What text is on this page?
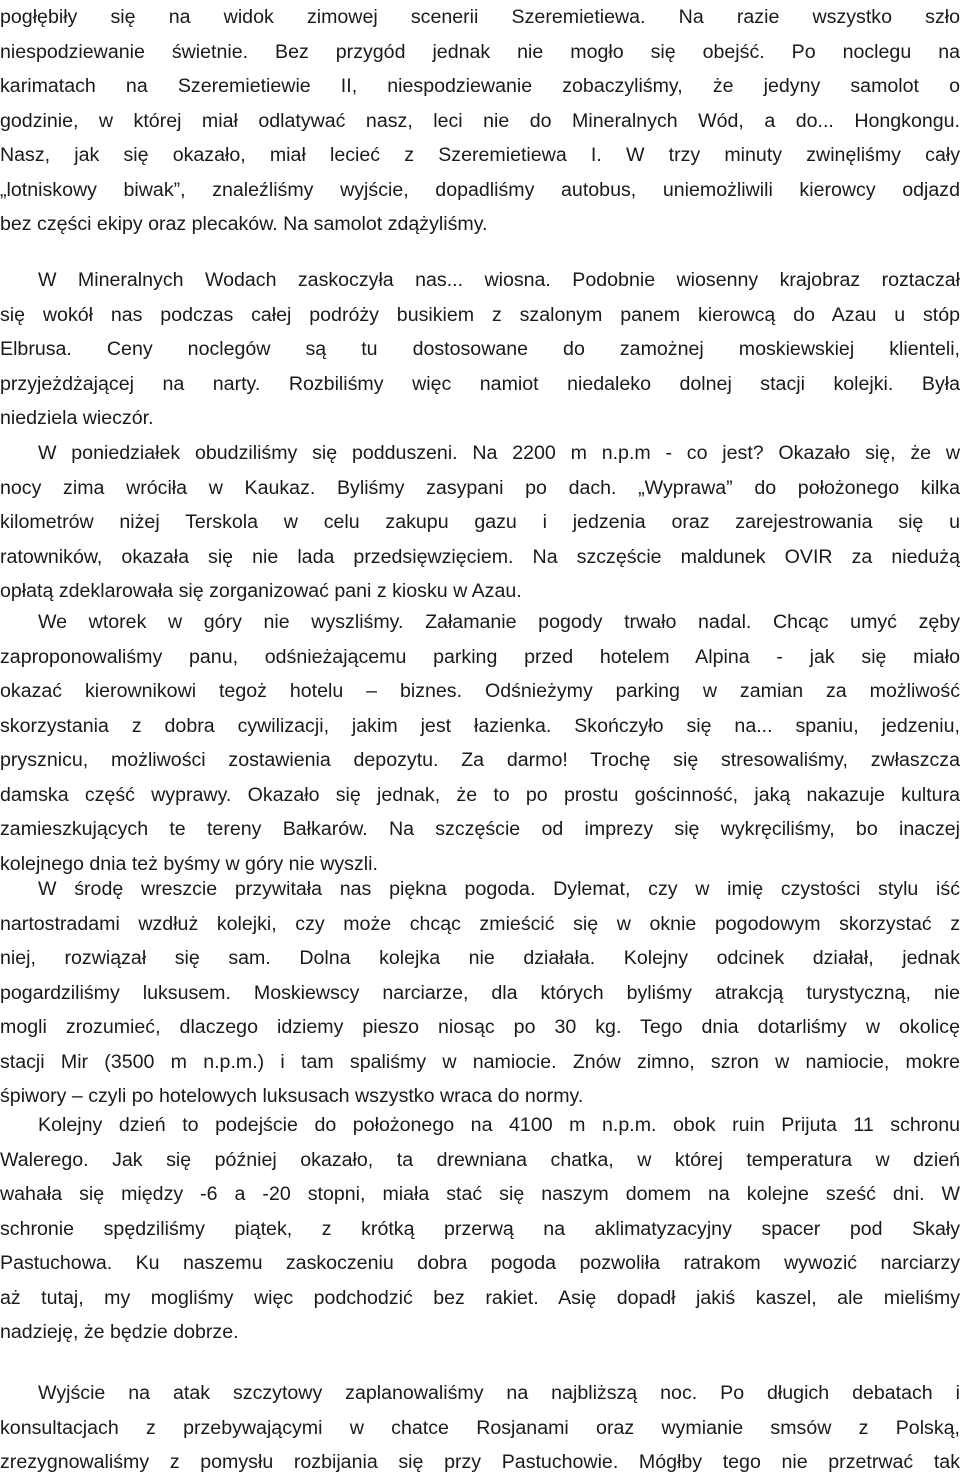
pogłębiły się na widok zimowej scenerii Szeremietiewa. Na razie wszystko szło
niespodziewanie świetnie. Bez przygód jednak nie mogło się obejść. Po noclegu na
karimatach na Szeremietiewie II, niespodziewanie zobaczyliśmy, że jedyny samolot o
godzinie, w której miał odlatywać nasz, leci nie do Mineralnych Wód, a do... Hongkongu.
Nasz, jak się okazało, miał lecieć z Szeremietiewa I. W trzy minuty zwinęliśmy cały
„lotniskowy biwak”, znaleźliśmy wyjście, dopadliśmy autobus, uniemożliwili kierowcy odjazd
bez części ekipy oraz plecaków. Na samolot zdążyliśmy.
W Mineralnych Wodach zaskoczyła nas... wiosna. Podobnie wiosenny krajobraz roztaczał
się wokół nas podczas całej podróży busikiem z szalonym panem kierowcą do Azau u stóp
Elbrusa. Ceny noclegów są tu dostosowane do zamożnej moskiewskiej klienteli,
przyjeżdżającej na narty. Rozbiliśmy więc namiot niedaleko dolnej stacji kolejki. Była
niedziela wieczór.
W poniedziałek obudziliśmy się podduszeni. Na 2200 m n.p.m - co jest? Okazało się, że w
nocy zima wróciła w Kaukaz. Byliśmy zasypani po dach. „Wyprawa” do położonego kilka
kilometrów niżej Terskola w celu zakupu gazu i jedzenia oraz zarejestrowania się u
ratowników, okazała się nie lada przedsięwzięciem. Na szczęście maldunek OVIR za niedużą
opłatą zdeklarowała się zorganizować pani z kiosku w Azau.
We wtorek w góry nie wyszliśmy. Załamanie pogody trwało nadal. Chcąc umyć zęby
zaproponowaliśmy panu, odśnieżającemu parking przed hotelem Alpina - jak się miało
okazać kierownikowi tegoż hotelu – biznes. Odśnieżymy parking w zamian za możliwość
skorzystania z dobra cywilizacji, jakim jest łazienka. Skończyło się na... spaniu, jedzeniu,
prysznicu, możliwości zostawienia depozytu. Za darmo! Trochę się stresowaliśmy, zwłaszcza
damska część wyprawy. Okazało się jednak, że to po prostu gościnność, jaką nakazuje kultura
zamieszkujących te tereny Bałkarów. Na szczęście od imprezy się wykręciliśmy, bo inaczej
kolejnego dnia też byśmy w góry nie wyszli.
W środę wreszcie przywitała nas piękna pogoda. Dylemat, czy w imię czystości stylu iść
nartostradami wzdłuż kolejki, czy może chcąc zmieścić się w oknie pogodowym skorzystać z
niej, rozwiązał się sam. Dolna kolejka nie działała. Kolejny odcinek działał, jednak
pogardziliśmy luksusem. Moskiewscy narciarze, dla których byliśmy atrakcją turystyczną, nie
mogli zrozumieć, dlaczego idziemy pieszo niosąc po 30 kg. Tego dnia dotarliśmy w okolicę
stacji Mir (3500 m n.p.m.) i tam spaliśmy w namiocie. Znów zimno, szron w namiocie, mokre
śpiwory – czyli po hotelowych luksusach wszystko wraca do normy.
Kolejny dzień to podejście do położonego na 4100 m n.p.m. obok ruin Prijuta 11 schronu
Walerego. Jak się później okazało, ta drewniana chatka, w której temperatura w dzień
wahała się między -6 a -20 stopni, miała stać się naszym domem na kolejne sześć dni. W
schronie spędziliśmy piątek, z krótką przerwą na aklimatyzacyjny spacer pod Skały
Pastuchowa. Ku naszemu zaskoczeniu dobra pogoda pozwoliła ratrakom wywozić narciarzy
aż tutaj, my mogliśmy więc podchodzić bez rakiet. Asię dopadł jakiś kaszel, ale mieliśmy
nadzieję, że będzie dobrze.
Wyjście na atak szczytowy zaplanowaliśmy na najbliższą noc. Po długich debatach i
konsultacjach z przebywającymi w chatce Rosjanami oraz wymianie smsów z Polską,
zrezygnowaliśmy z pomysłu rozbijania się przy Pastuchowie. Mógłby tego nie przetrwać tak
